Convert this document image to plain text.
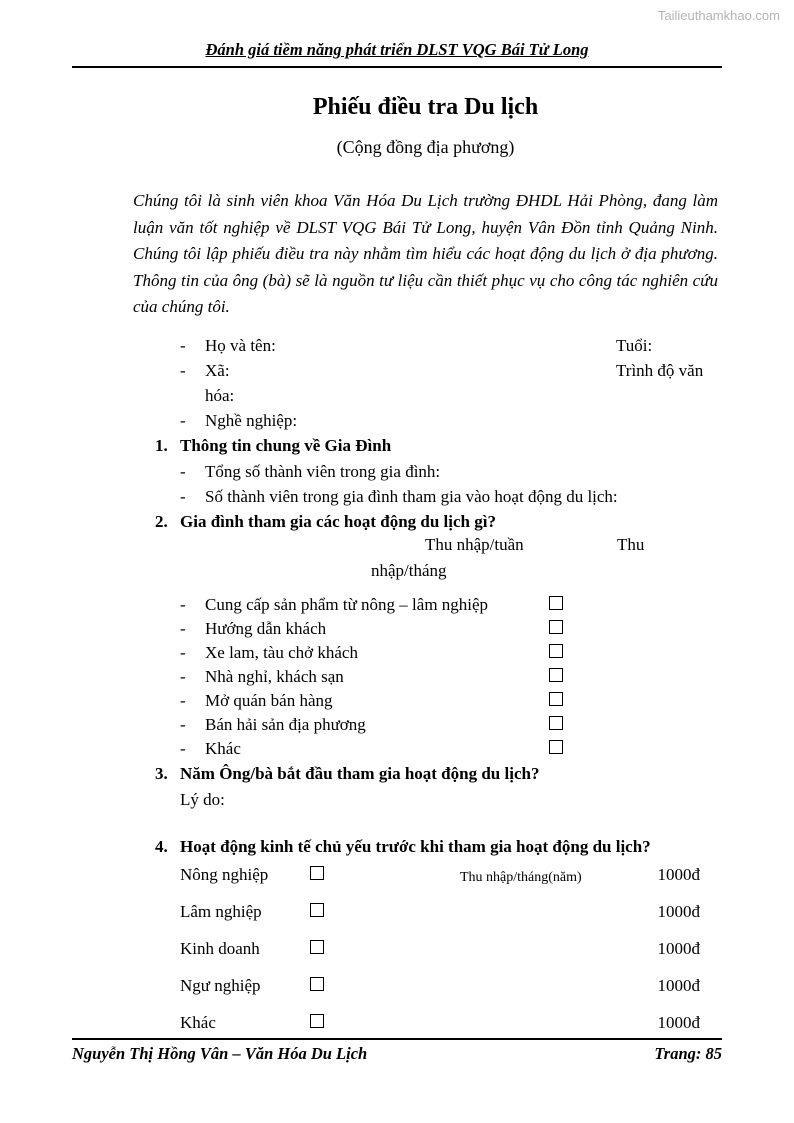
Tailieuthamkhao.com
Đánh giá tiềm năng phát triển DLST VQG Bái Tử Long
Phiếu điều tra Du lịch
(Cộng đồng địa phương)

Chúng tôi là sinh viên khoa Văn Hóa Du Lịch trường ĐHDL Hải Phòng, đang làm luận văn tốt nghiệp về DLST VQG Bái Tử Long, huyện Vân Đồn tỉnh Quảng Ninh. Chúng tôi lập phiếu điều tra này nhằm tìm hiểu các hoạt động du lịch ở địa phương. Thông tin của ông (bà) sẽ là nguồn tư liệu cần thiết phục vụ cho công tác nghiên cứu của chúng tôi.

- Họ và tên:	Tuổi:
- Xã:	Trình độ văn
hóa:
- Nghề nghiệp:
1. Thông tin chung về Gia Đình
- Tổng số thành viên trong gia đình:
- Số thành viên trong gia đình tham gia vào hoạt động du lịch:
2. Gia đình tham gia các hoạt động du lịch gì?
Thu nhập/tuần	Thu
nhập/tháng
- Cung cấp sản phẩm từ nông – lâm nghiệp
- Hướng dẫn khách
- Xe lam, tàu chở khách
- Nhà nghỉ, khách sạn
- Mở quán bán hàng
- Bán hải sản địa phương
- Khác
3. Năm Ông/bà bắt đầu tham gia hoạt động du lịch?
Lý do:
4. Hoạt động kinh tế chủ yếu trước khi tham gia hoạt động du lịch?
Nông nghiệp	Thu nhập/tháng(năm)	1000đ
Lâm nghiệp	1000đ
Kinh doanh	1000đ
Ngư nghiệp	1000đ
Khác	1000đ
Nguyễn Thị Hồng Vân – Văn Hóa Du Lịch	Trang: 85
